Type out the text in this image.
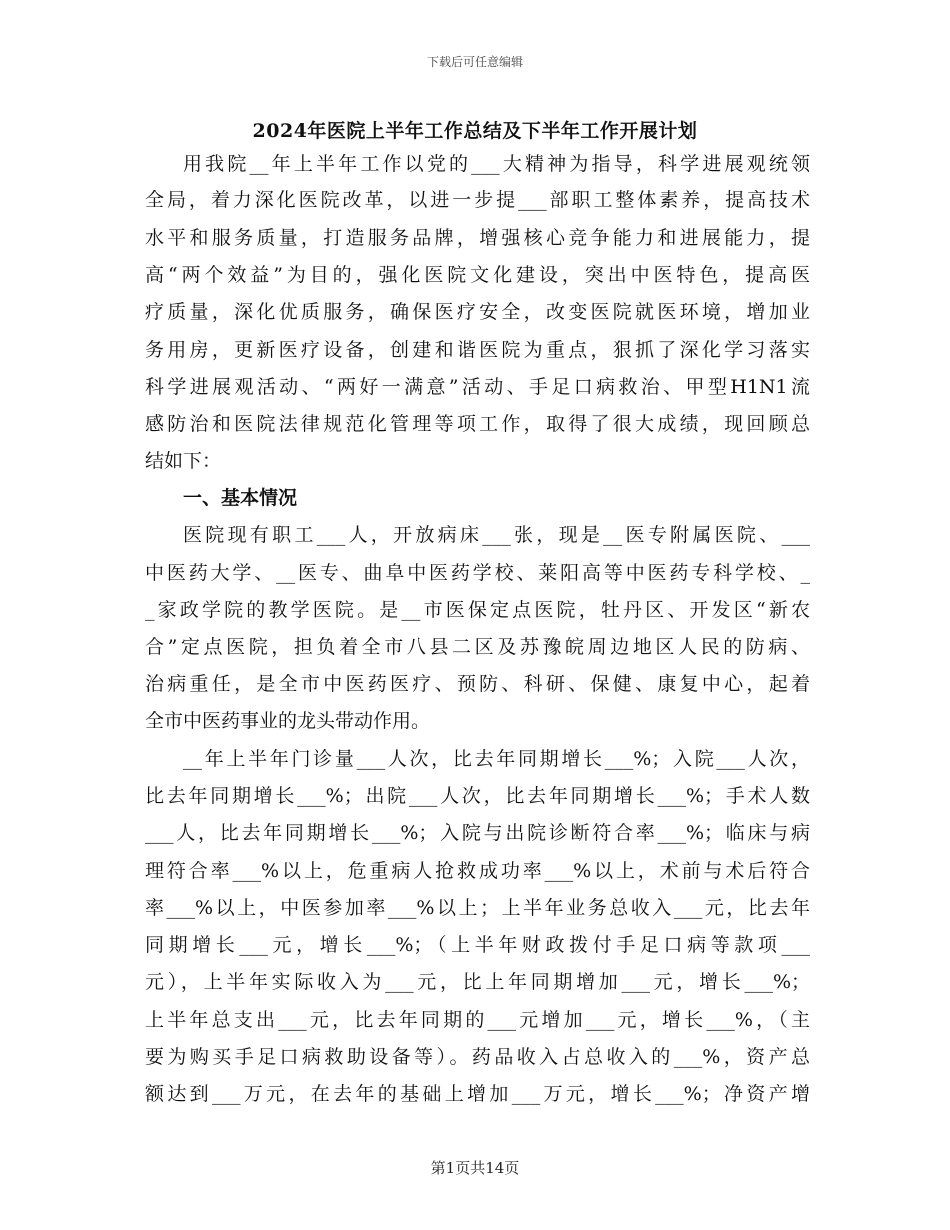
下载后可任意编辑
2024年医院上半年工作总结及下半年工作开展计划
用我院__年上半年工作以党的___大精神为指导，科学进展观统领
全局，着力深化医院改革，以进一步提___部职工整体素养，提高技术
水平和服务质量，打造服务品牌，增强核心竞争能力和进展能力，提
高“两个效益”为目的，强化医院文化建设，突出中医特色，提高医
疗质量，深化优质服务，确保医疗安全，改变医院就医环境，增加业
务用房，更新医疗设备，创建和谐医院为重点，狠抓了深化学习落实
科学进展观活动、“两好一满意”活动、手足口病救治、甲型H1N1流
感防治和医院法律规范化管理等项工作，取得了很大成绩，现回顾总
结如下：
一、基本情况
医院现有职工___人，开放病床___张，现是__医专附属医院、___
中医药大学、__医专、曲阜中医药学校、莱阳高等中医药专科学校、_
_家政学院的教学医院。是__市医保定点医院，牡丹区、开发区“新农
合”定点医院，担负着全市八县二区及苏豫皖周边地区人民的防病、
治病重任，是全市中医药医疗、预防、科研、保健、康复中心，起着
全市中医药事业的龙头带动作用。
__年上半年门诊量___人次，比去年同期增长___%；入院___人次，
比去年同期增长___%；出院___人次，比去年同期增长___%；手术人数
___人，比去年同期增长___%；入院与出院诊断符合率___%；临床与病
理符合率___%以上，危重病人抢救成功率___%以上，术前与术后符合
率___%以上，中医参加率___%以上；上半年业务总收入___元，比去年
同期增长___元，增长___%；（上半年财政拨付手足口病等款项___
元），上半年实际收入为___元，比上年同期增加___元，增长___%；
上半年总支出___元，比去年同期的___元增加___元，增长___%，（主
要为购买手足口病救助设备等）。药品收入占总收入的___%，资产总
额达到___万元，在去年的基础上增加___万元，增长___%；净资产增
第1页共14页
